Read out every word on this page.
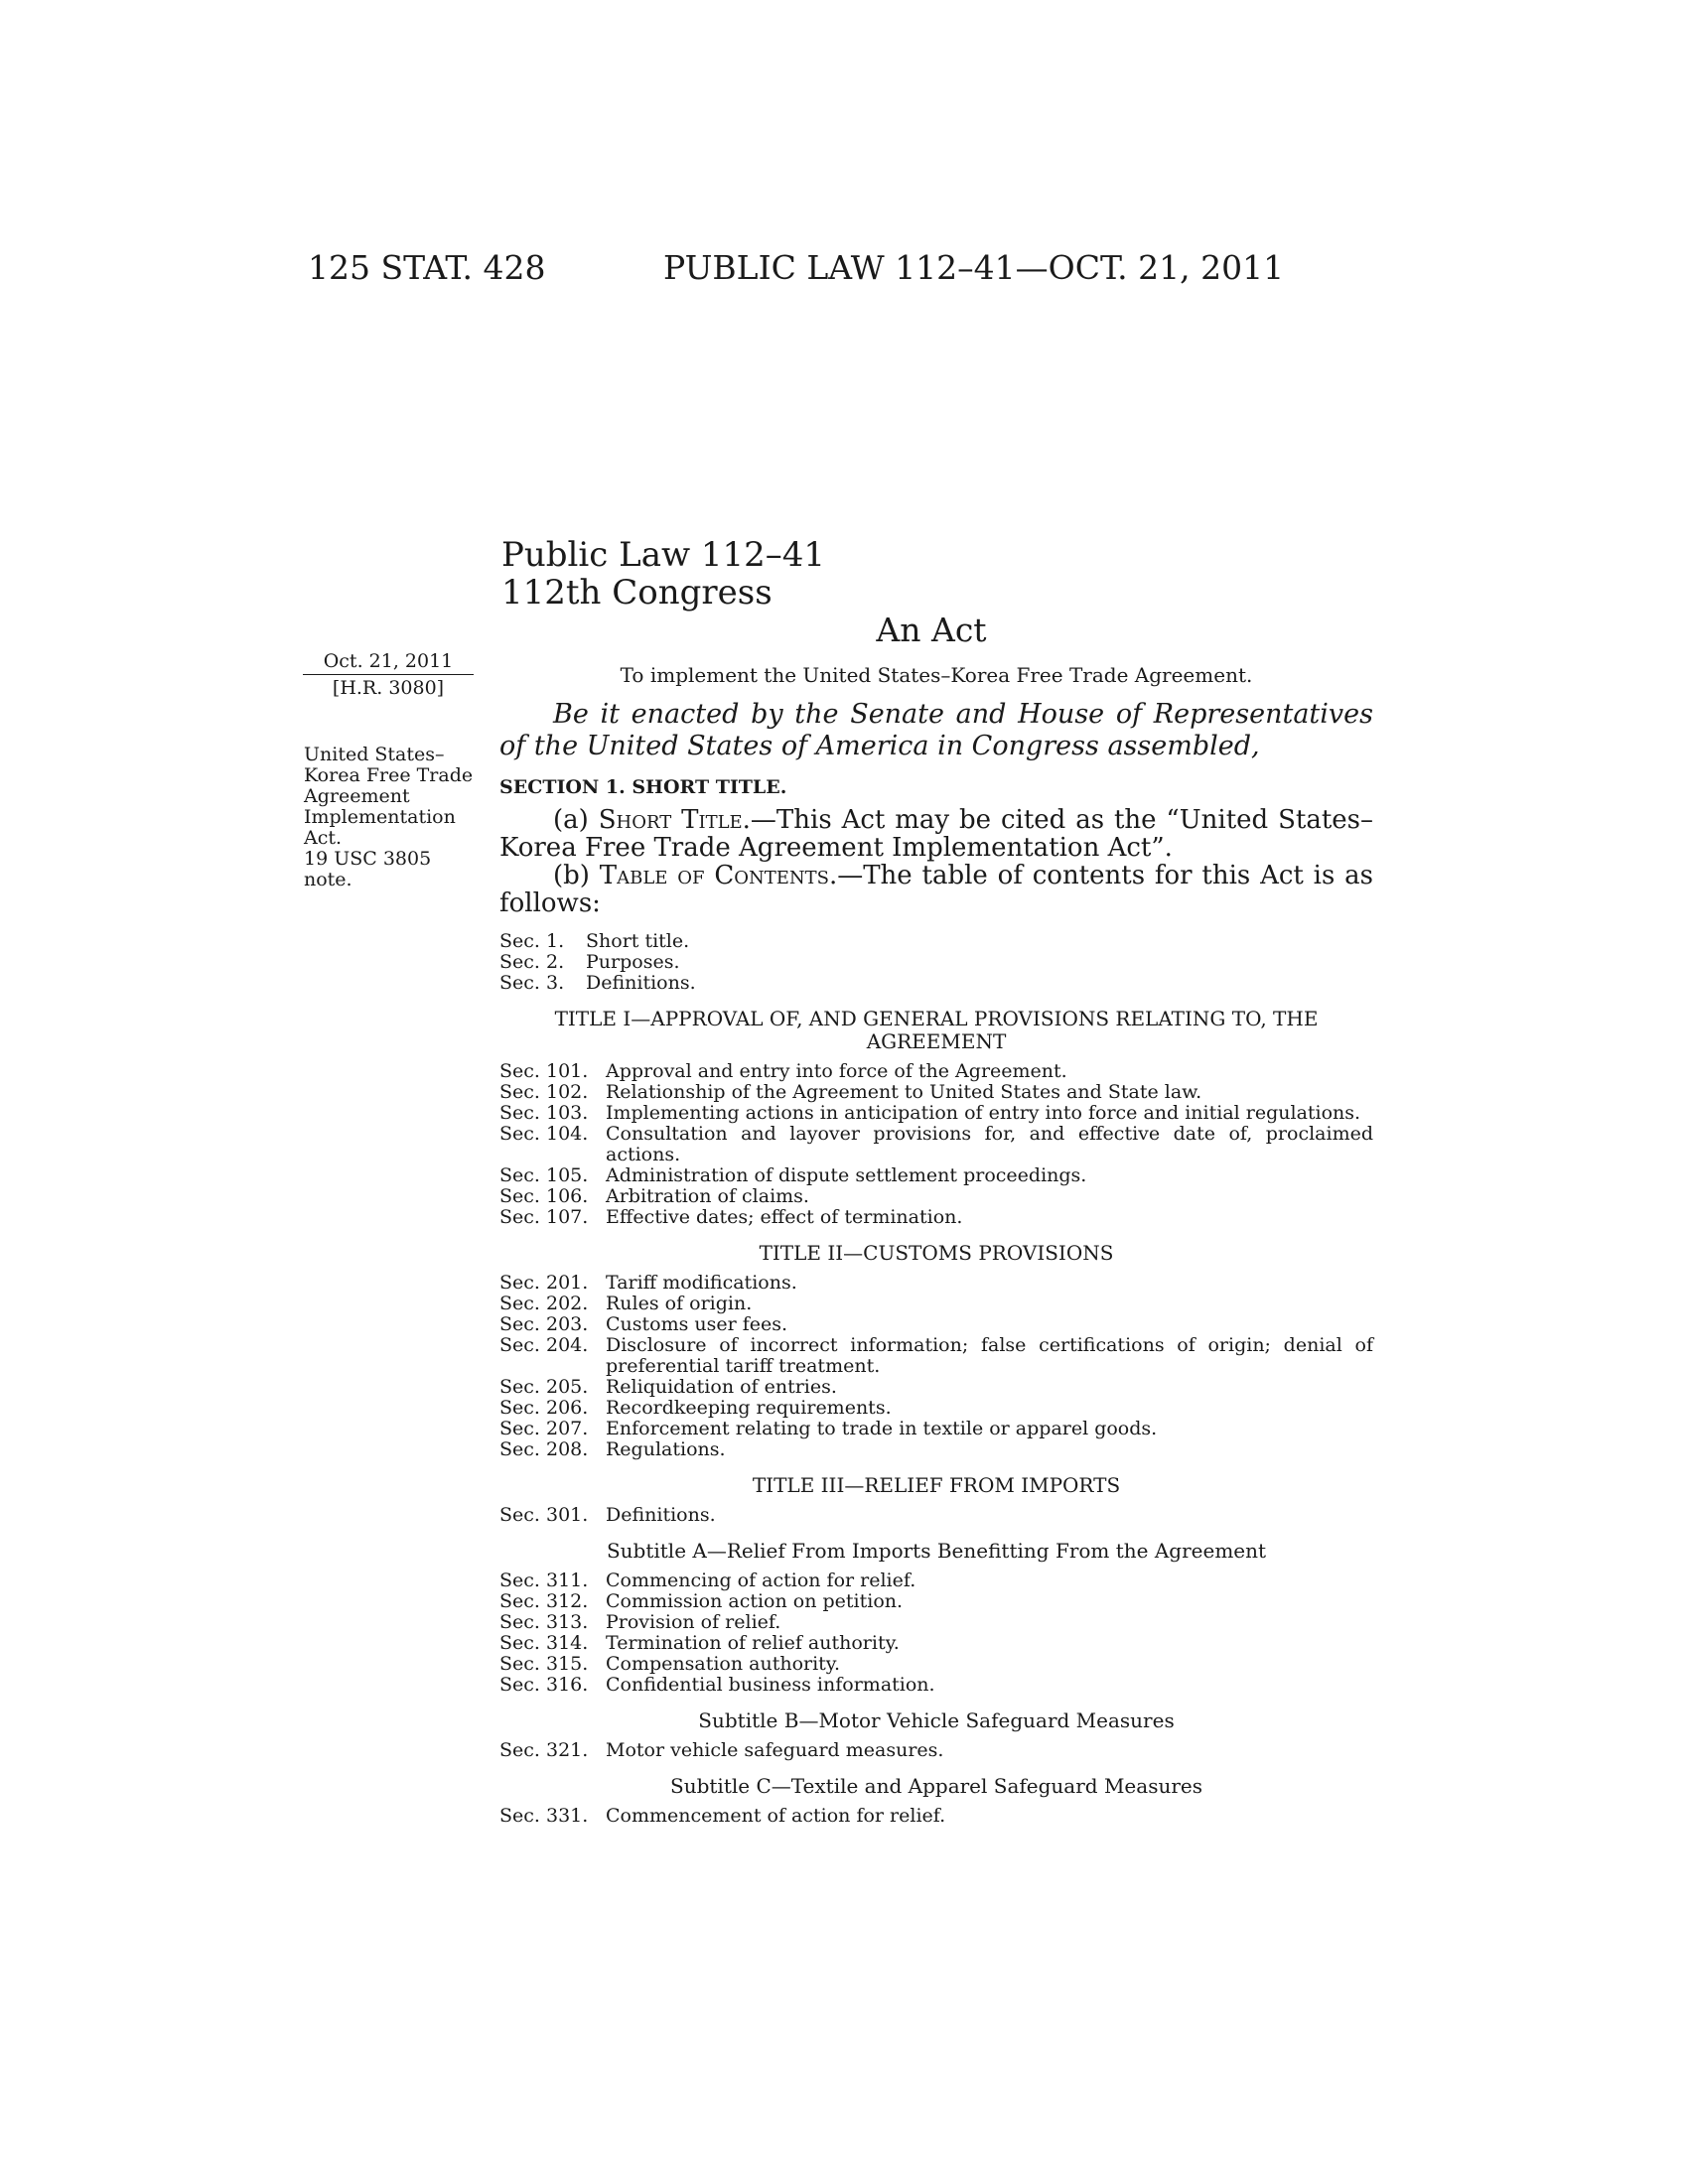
125 STAT. 428	PUBLIC LAW 112–41—OCT. 21, 2011
Public Law 112–41
112th Congress
An Act
Oct. 21, 2011
[H.R. 3080]
United States–
Korea Free Trade
Agreement
Implementation
Act.
19 USC 3805
note.

To implement the United States–Korea Free Trade Agreement.

Be it enacted by the Senate and House of Representatives of the United States of America in Congress assembled,

SECTION 1. SHORT TITLE.

(a) Short Title.—This Act may be cited as the “United States–Korea Free Trade Agreement Implementation Act”.

(b) Table of Contents.—The table of contents for this Act is as follows:

Sec. 1.	Short title.
Sec. 2.	Purposes.
Sec. 3.	Definitions.
TITLE I—APPROVAL OF, AND GENERAL PROVISIONS RELATING TO, THE AGREEMENT
Sec. 101. Approval and entry into force of the Agreement.
Sec. 102. Relationship of the Agreement to United States and State law.
Sec. 103. Implementing actions in anticipation of entry into force and initial regulations.
Sec. 104. Consultation and layover provisions for, and effective date of, proclaimed actions.
Sec. 105. Administration of dispute settlement proceedings.
Sec. 106. Arbitration of claims.
Sec. 107. Effective dates; effect of termination.
TITLE II—CUSTOMS PROVISIONS
Sec. 201. Tariff modifications.
Sec. 202. Rules of origin.
Sec. 203. Customs user fees.
Sec. 204. Disclosure of incorrect information; false certifications of origin; denial of preferential tariff treatment.
Sec. 205. Reliquidation of entries.
Sec. 206. Recordkeeping requirements.
Sec. 207. Enforcement relating to trade in textile or apparel goods.
Sec. 208. Regulations.
TITLE III—RELIEF FROM IMPORTS
Sec. 301. Definitions.
Subtitle A—Relief From Imports Benefitting From the Agreement
Sec. 311. Commencing of action for relief.
Sec. 312. Commission action on petition.
Sec. 313. Provision of relief.
Sec. 314. Termination of relief authority.
Sec. 315. Compensation authority.
Sec. 316. Confidential business information.
Subtitle B—Motor Vehicle Safeguard Measures
Sec. 321. Motor vehicle safeguard measures.
Subtitle C—Textile and Apparel Safeguard Measures
Sec. 331. Commencement of action for relief.
